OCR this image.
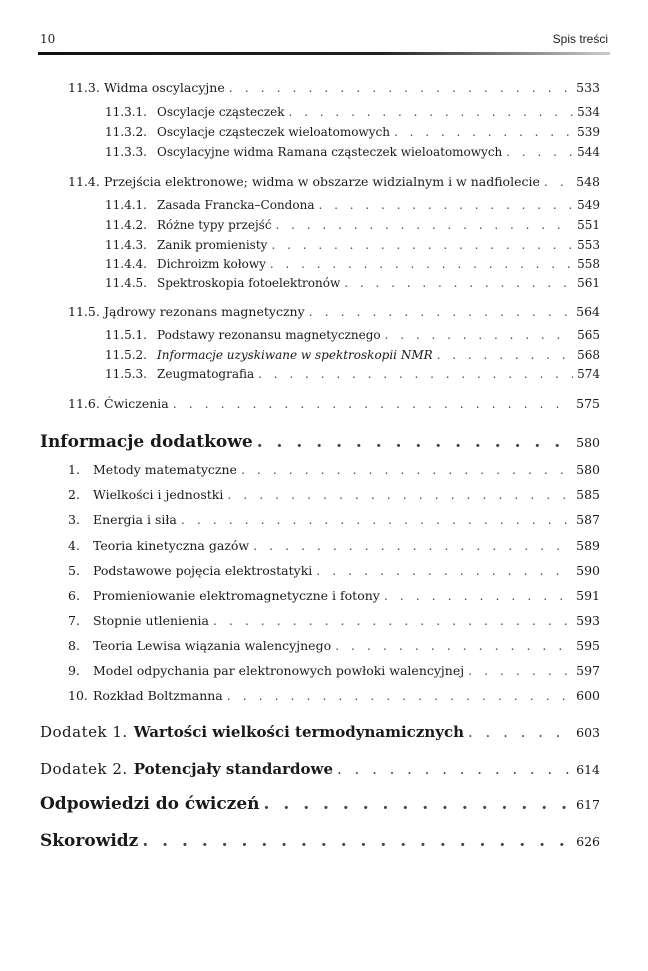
10	Spis treści
11.3. Widma oscylacyjne . . .	533
11.3.1. Oscylacje cząsteczek . . .	534
11.3.2. Oscylacje cząsteczek wieloatomowych . . .	539
11.3.3. Oscylacyjne widma Ramana cząsteczek wieloatomowych . . .	544
11.4. Przejścia elektronowe; widma w obszarze widzialnym i w nadfiolecie . . .	548
11.4.1. Zasada Francka–Condona . . .	549
11.4.2. Różne typy przejść . . .	551
11.4.3. Zanik promienisty . . .	553
11.4.4. Dichroizm kołowy . . .	558
11.4.5. Spektroskopia fotoelektronów . . .	561
11.5. Jądrowy rezonans magnetyczny . . .	564
11.5.1. Podstawy rezonansu magnetycznego . . .	565
11.5.2. Informacje uzyskiwane w spektroskopii NMR . . .	568
11.5.3. Zeugmatografia . . .	574
11.6. Ćwiczenia . . .	575
Informacje dodatkowe . . .	580
1.	Metody matematyczne . . .	580
2.	Wielkości i jednostki . . .	585
3.	Energia i siła . . .	587
4.	Teoria kinetyczna gazów . . .	589
5.	Podstawowe pojęcia elektrostatyki . . .	590
6.	Promieniowanie elektromagnetyczne i fotony . . .	591
7.	Stopnie utlenienia . . .	593
8.	Teoria Lewisa wiązania walencyjnego . . .	595
9.	Model odpychania par elektronowych powłoki walencyjnej . . .	597
10. Rozkład Boltzmanna . . .	600
Dodatek 1. Wartości wielkości termodynamicznych . . .	603
Dodatek 2. Potencjały standardowe . . .	614
Odpowiedzi do ćwiczeń . . .	617
Skorowidz . . .	626
